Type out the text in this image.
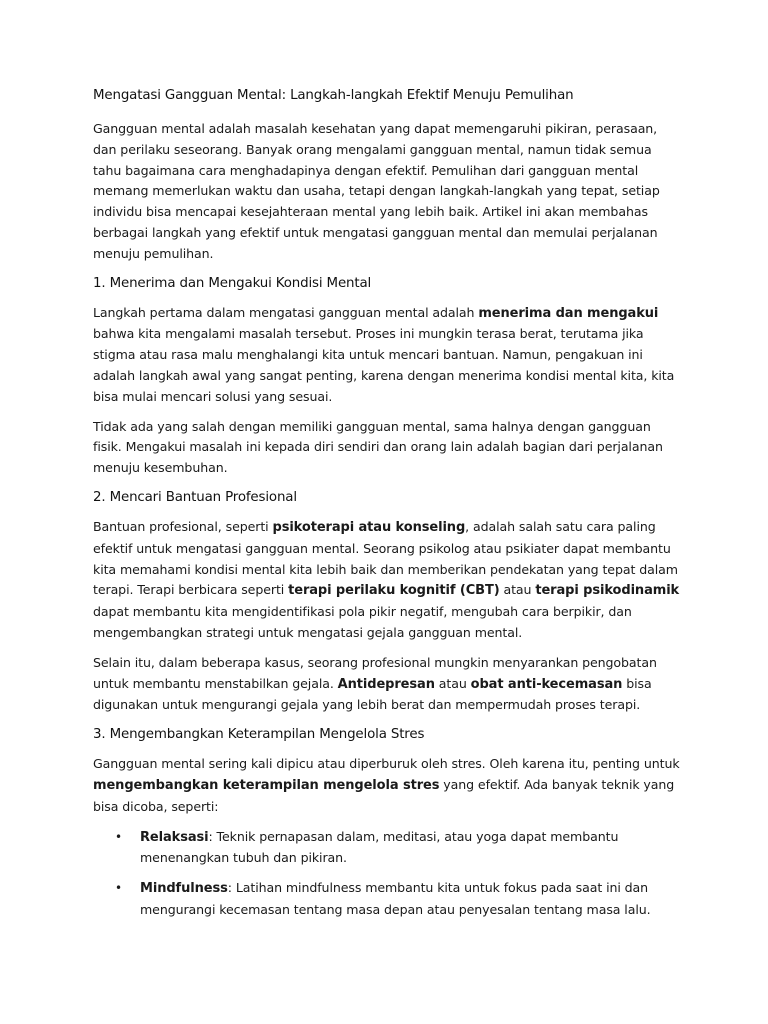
Mengatasi Gangguan Mental: Langkah-langkah Efektif Menuju Pemulihan

Gangguan mental adalah masalah kesehatan yang dapat memengaruhi pikiran, perasaan, dan perilaku seseorang. Banyak orang mengalami gangguan mental, namun tidak semua tahu bagaimana cara menghadapinya dengan efektif. Pemulihan dari gangguan mental memang memerlukan waktu dan usaha, tetapi dengan langkah-langkah yang tepat, setiap individu bisa mencapai kesejahteraan mental yang lebih baik. Artikel ini akan membahas berbagai langkah yang efektif untuk mengatasi gangguan mental dan memulai perjalanan menuju pemulihan.

1. Menerima dan Mengakui Kondisi Mental

Langkah pertama dalam mengatasi gangguan mental adalah menerima dan mengakui bahwa kita mengalami masalah tersebut. Proses ini mungkin terasa berat, terutama jika stigma atau rasa malu menghalangi kita untuk mencari bantuan. Namun, pengakuan ini adalah langkah awal yang sangat penting, karena dengan menerima kondisi mental kita, kita bisa mulai mencari solusi yang sesuai.

Tidak ada yang salah dengan memiliki gangguan mental, sama halnya dengan gangguan fisik. Mengakui masalah ini kepada diri sendiri dan orang lain adalah bagian dari perjalanan menuju kesembuhan.

2. Mencari Bantuan Profesional

Bantuan profesional, seperti psikoterapi atau konseling, adalah salah satu cara paling efektif untuk mengatasi gangguan mental. Seorang psikolog atau psikiater dapat membantu kita memahami kondisi mental kita lebih baik dan memberikan pendekatan yang tepat dalam terapi. Terapi berbicara seperti terapi perilaku kognitif (CBT) atau terapi psikodinamik dapat membantu kita mengidentifikasi pola pikir negatif, mengubah cara berpikir, dan mengembangkan strategi untuk mengatasi gejala gangguan mental.

Selain itu, dalam beberapa kasus, seorang profesional mungkin menyarankan pengobatan untuk membantu menstabilkan gejala. Antidepresan atau obat anti-kecemasan bisa digunakan untuk mengurangi gejala yang lebih berat dan mempermudah proses terapi.

3. Mengembangkan Keterampilan Mengelola Stres

Gangguan mental sering kali dipicu atau diperburuk oleh stres. Oleh karena itu, penting untuk mengembangkan keterampilan mengelola stres yang efektif. Ada banyak teknik yang bisa dicoba, seperti:

• Relaksasi: Teknik pernapasan dalam, meditasi, atau yoga dapat membantu menenangkan tubuh dan pikiran.
• Mindfulness: Latihan mindfulness membantu kita untuk fokus pada saat ini dan mengurangi kecemasan tentang masa depan atau penyesalan tentang masa lalu.
